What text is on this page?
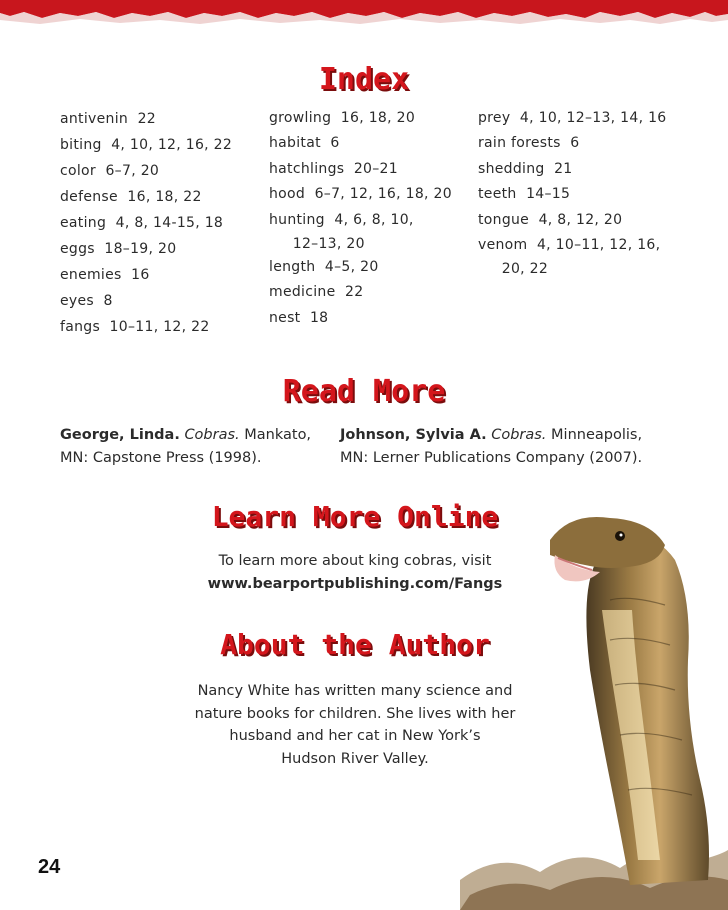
Index
antivenin  22
biting  4, 10, 12, 16, 22
color  6–7, 20
defense  16, 18, 22
eating  4, 8, 14-15, 18
eggs  18–19, 20
enemies  16
eyes  8
fangs  10–11, 12, 22
growling  16, 18, 20
habitat  6
hatchlings  20–21
hood  6–7, 12, 16, 18, 20
hunting  4, 6, 8, 10,
12–13, 20
length  4–5, 20
medicine  22
nest  18
prey  4, 10, 12–13, 14, 16
rain forests  6
shedding  21
teeth  14–15
tongue  4, 8, 12, 20
venom  4, 10–11, 12, 16,
20, 22
Read More
George, Linda. Cobras. Mankato,
MN: Capstone Press (1998).
Johnson, Sylvia A. Cobras. Minneapolis,
MN: Lerner Publications Company (2007).
Learn More Online
To learn more about king cobras, visit
www.bearportpublishing.com/Fangs
About the Author
Nancy White has written many science and
nature books for children. She lives with her
husband and her cat in New York’s
Hudson River Valley.
24
